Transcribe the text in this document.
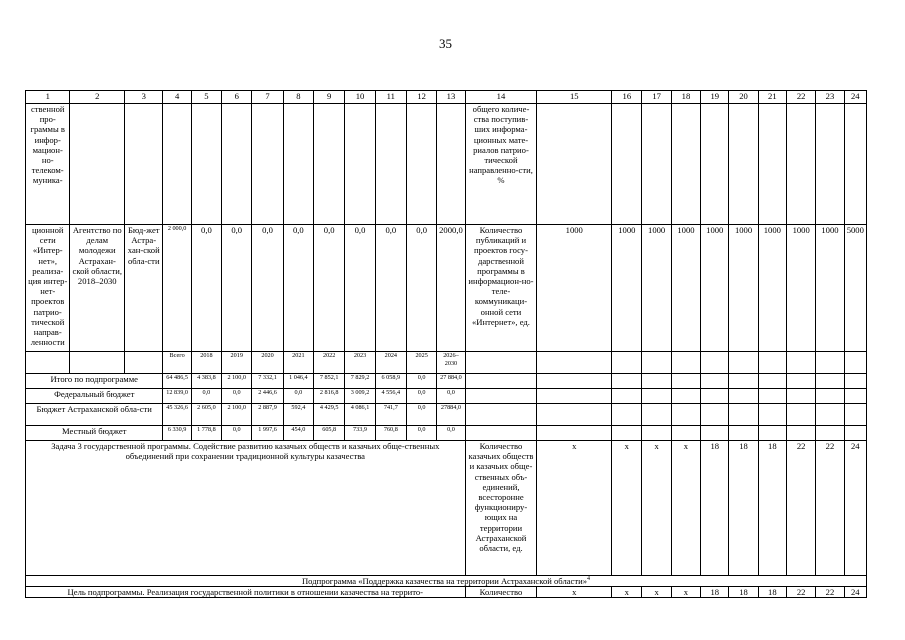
35
1	2	3	4	5	6	7	8	9	10	11	12	13	14	15	16	17	18	19	20	21	22	23	24
ственной про-граммы в инфор-мацион-но-телеком-муника-													общего количе-ства поступив-ших информа-ционных мате-риалов патрио-тической направленно-сти, %										
ционной сети «Интер-нет», реализа-ция интер-нет-проектов патрио-тической направ-ленности	Агентство по делам молодежи Астрахан-ской области, 2018–2030	Бюд-жет Астра-хан-ской обла-сти	2 000,0	0,0	0,0	0,0	0,0	0,0	0,0	0,0	0,0	2000,0	Количество публикаций и проектов госу-дарственной программы в информацион-но-теле-коммуникаци-онной сети «Интернет», ед.	1000	1000	1000	1000	1000	1000	1000	1000	1000	5000
			Всего	2018	2019	2020	2021	2022	2023	2024	2025	2026–2030											
Итого по подпрограмме			64 486,5	4 383,8	2 100,0	7 332,1	1 046,4	7 852,1	7 829,2	6 058,9	0,0	27 884,0											
Федеральный бюджет			12 839,0	0,0	0,0	2 446,6	0,0	2 816,8	3 009,2	4 556,4	0,0	0,0											
Бюджет Астраханской обла-сти			45 326,6	2 605,0	2 100,0	2 887,9	592,4	4 429,5	4 086,1	741,7	0,0	27884,0											
Местный бюджет			6 330,9	1 778,8	0,0	1 997,6	454,0	605,8	733,9	760,8	0,0	0,0											
Задача 3 государственной программы. Содействие развитию казачьих обществ и казачьих обще-ственных объединений при сохранении традиционной культуры казачества													Количество казачьих обществ и казачьих обще-ственных объ-единений, всесторонне функциониру-ющих на территории Астраханской области, ед.	x	x	x	x	18	18	18	22	22	24
Подпрограмма «Поддержка казачества на территории Астраханской области»$^4$
Цель подпрограммы. Реализация государственной политики в отношении казачества на террито-													Количество	x	x	x	x	18	18	18	22	22	24
